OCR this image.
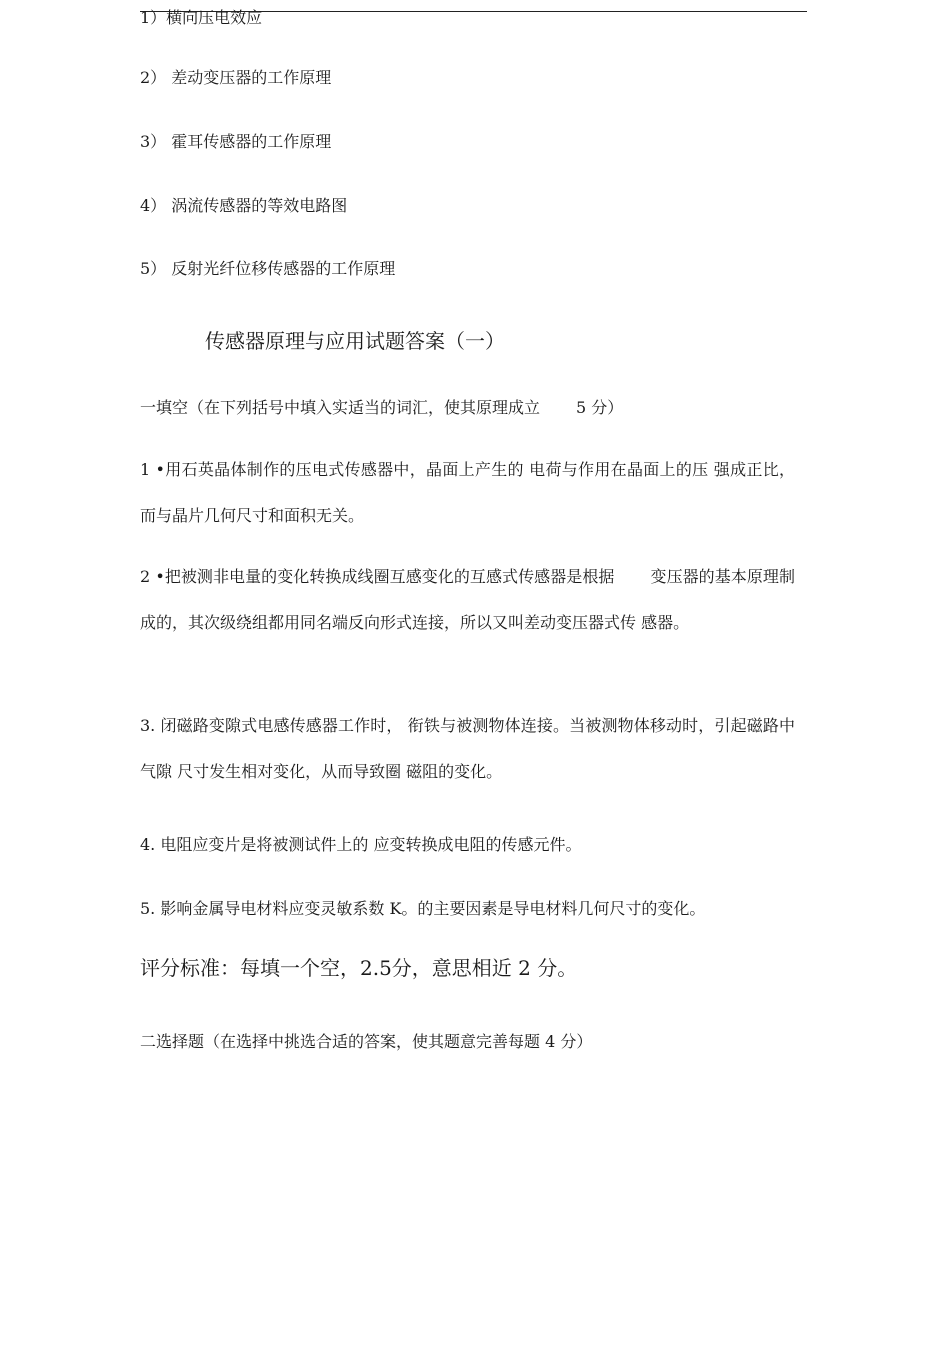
1）横向压电效应
2） 差动变压器的工作原理
3） 霍耳传感器的工作原理
4） 涡流传感器的等效电路图
5） 反射光纤位移传感器的工作原理
传感器原理与应用试题答案（一）
一填空（在下列括号中填入实适当的词汇，使其原理成立 5 分）
1 •用石英晶体制作的压电式传感器中，晶面上产生的 电荷与作用在晶面上的压 强成正比，而与晶片几何尺寸和面积无关。
2 •把被测非电量的变化转换成线圈互感变化的互感式传感器是根据 变压器的基本原理制成的，其次级绕组都用同名端反向形式连接，所以又叫差动变压器式传 感器。
3. 闭磁路变隙式电感传感器工作时， 衔铁与被测物体连接。当被测物体移动时，引起磁路中气隙 尺寸发生相对变化，从而导致圈 磁阻的变化。
4. 电阻应变片是将被测试件上的 应变转换成电阻的传感元件。
5. 影响金属导电材料应变灵敏系数 K。的主要因素是导电材料几何尺寸的变化。
评分标准：每填一个空，2.5分，意思相近 2 分。
二选择题（在选择中挑选合适的答案，使其题意完善每题 4 分）
